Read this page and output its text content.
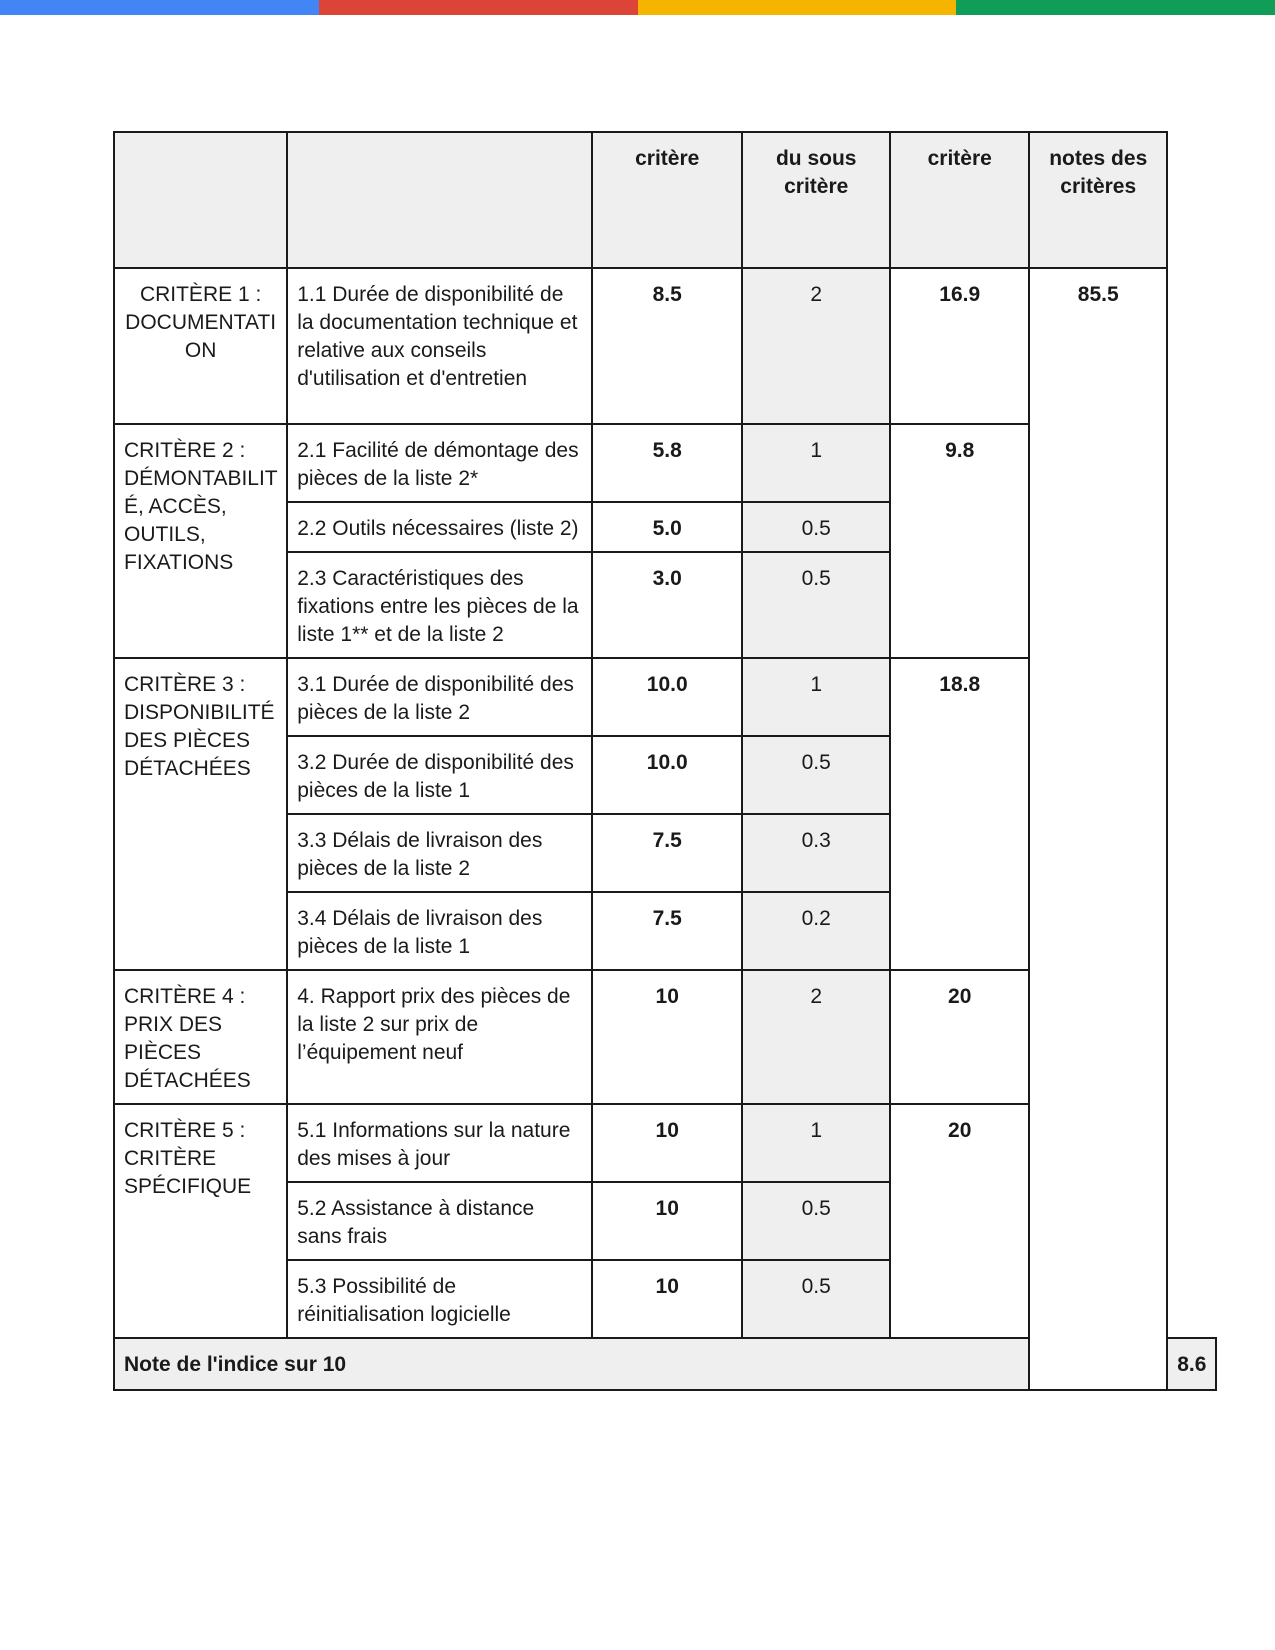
		critère	du sous critère	critère	notes des critères	
CRITÈRE 1 : DOCUMENTATI ON	1.1 Durée de disponibilité de la documentation technique et relative aux conseils d'utilisation et d'entretien	8.5	2	16.9	85.5	
CRITÈRE 2 : DÉMONTABILIT É, ACCÈS, OUTILS, FIXATIONS	2.1 Facilité de démontage des pièces de la liste 2*	5.8	1	9.8		
	2.2 Outils nécessaires (liste 2)	5.0	0.5			
	2.3 Caractéristiques des fixations entre les pièces de la liste 1** et de la liste 2	3.0	0.5			
CRITÈRE 3 : DISPONIBILITÉ DES PIÈCES DÉTACHÉES	3.1 Durée de disponibilité des pièces de la liste 2	10.0	1	18.8		
	3.2 Durée de disponibilité des pièces de la liste 1	10.0	0.5			
	3.3 Délais de livraison des pièces de la liste 2	7.5	0.3			
	3.4 Délais de livraison des pièces de la liste 1	7.5	0.2			
CRITÈRE 4 : PRIX DES PIÈCES DÉTACHÉES	4. Rapport prix des pièces de la liste 2 sur prix de l’équipement neuf	10	2	20		
CRITÈRE 5 : CRITÈRE SPÉCIFIQUE	5.1 Informations sur la nature des mises à jour	10	1	20		
	5.2 Assistance à distance sans frais	10	0.5			
	5.3 Possibilité de réinitialisation logicielle	10	0.5			
Note de l'indice sur 10						8.6
